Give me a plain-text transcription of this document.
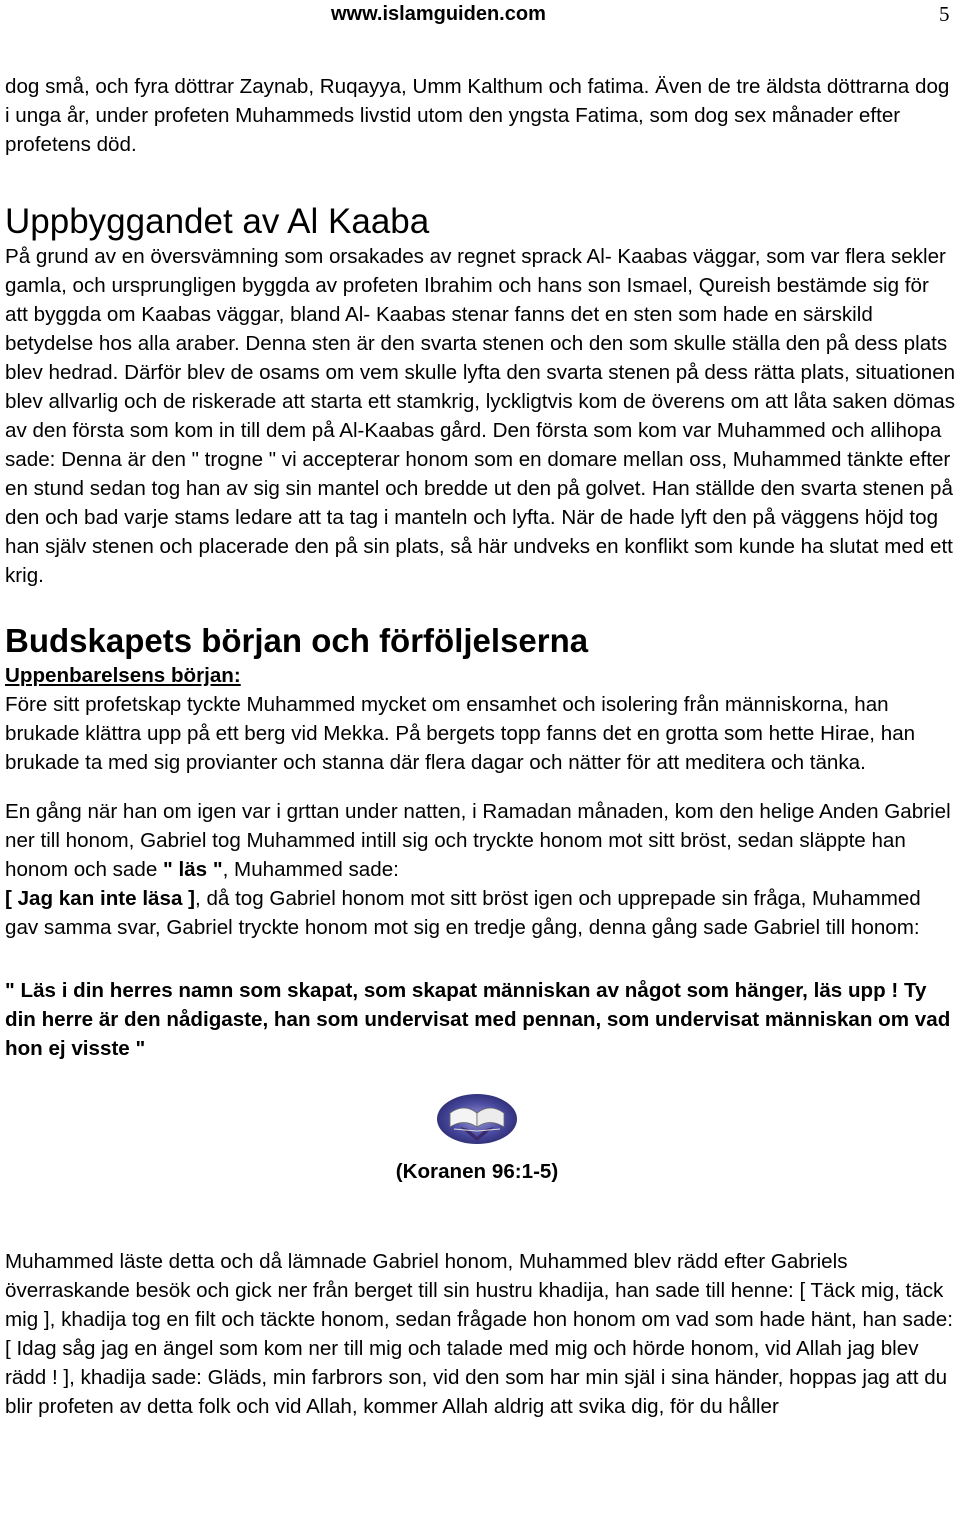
www.islamguiden.com	5

dog små, och fyra döttrar Zaynab, Ruqayya, Umm Kalthum och fatima. Även de tre äldsta döttrarna dog i unga år, under profeten Muhammeds livstid utom den yngsta Fatima, som dog sex månader efter profetens död.

Uppbyggandet av Al Kaaba

På grund av en översvämning som orsakades av regnet sprack Al- Kaabas väggar, som var flera sekler gamla, och ursprungligen byggda av profeten Ibrahim och hans son Ismael, Qureish bestämde sig för att byggda om Kaabas väggar, bland Al- Kaabas stenar fanns det en sten som hade en särskild betydelse hos alla araber. Denna sten är den svarta stenen och den som skulle ställa den på dess plats blev hedrad. Därför blev de osams om vem skulle lyfta den svarta stenen på dess rätta plats, situationen blev allvarlig och de riskerade att starta ett stamkrig, lyckligtvis kom de överens om att låta saken dömas av den första som kom in till dem på Al-Kaabas gård. Den första som kom var Muhammed och allihopa sade: Denna är den " trogne " vi accepterar honom som en domare mellan oss, Muhammed tänkte efter en stund sedan tog han av sig sin mantel och bredde ut den på golvet. Han ställde den svarta stenen på den och bad varje stams ledare att ta tag i manteln och lyfta. När de hade lyft den på väggens höjd tog han själv stenen och placerade den på sin plats, så här undveks en konflikt som kunde ha slutat med ett krig.

Budskapets början och förföljelserna

Uppenbarelsens början:

Före sitt profetskap tyckte Muhammed mycket om ensamhet och isolering från människorna, han brukade klättra upp på ett berg vid Mekka. På bergets topp fanns det en grotta som hette Hirae, han brukade ta med sig provianter och stanna där flera dagar och nätter för att meditera och tänka.

En gång när han om igen var i grttan under natten, i Ramadan månaden, kom den helige Anden Gabriel ner till honom, Gabriel tog Muhammed intill sig och tryckte honom mot sitt bröst, sedan släppte han honom och sade " läs ", Muhammed sade:
[ Jag kan inte läsa ], då tog Gabriel honom mot sitt bröst igen och upprepade sin fråga, Muhammed gav samma svar, Gabriel tryckte honom mot sig en tredje gång, denna gång sade Gabriel till honom:

" Läs i din herres namn som skapat, som skapat människan av något som hänger, läs upp ! Ty din herre är den nådigaste, han som undervisat med pennan, som undervisat människan om vad hon ej visste "

(Koranen 96:1-5)

Muhammed läste detta och då lämnade Gabriel honom, Muhammed blev rädd efter Gabriels överraskande besök och gick ner från berget till sin hustru khadija, han sade till henne: [ Täck mig, täck mig ], khadija tog en filt och täckte honom, sedan frågade hon honom om vad som hade hänt, han sade: [ Idag såg jag en ängel som kom ner till mig och talade med mig och hörde honom, vid Allah jag blev rädd ! ], khadija sade: Gläds, min farbrors son, vid den som har min själ i sina händer, hoppas jag att du blir profeten av detta folk och vid Allah, kommer Allah aldrig att svika dig, för du håller
